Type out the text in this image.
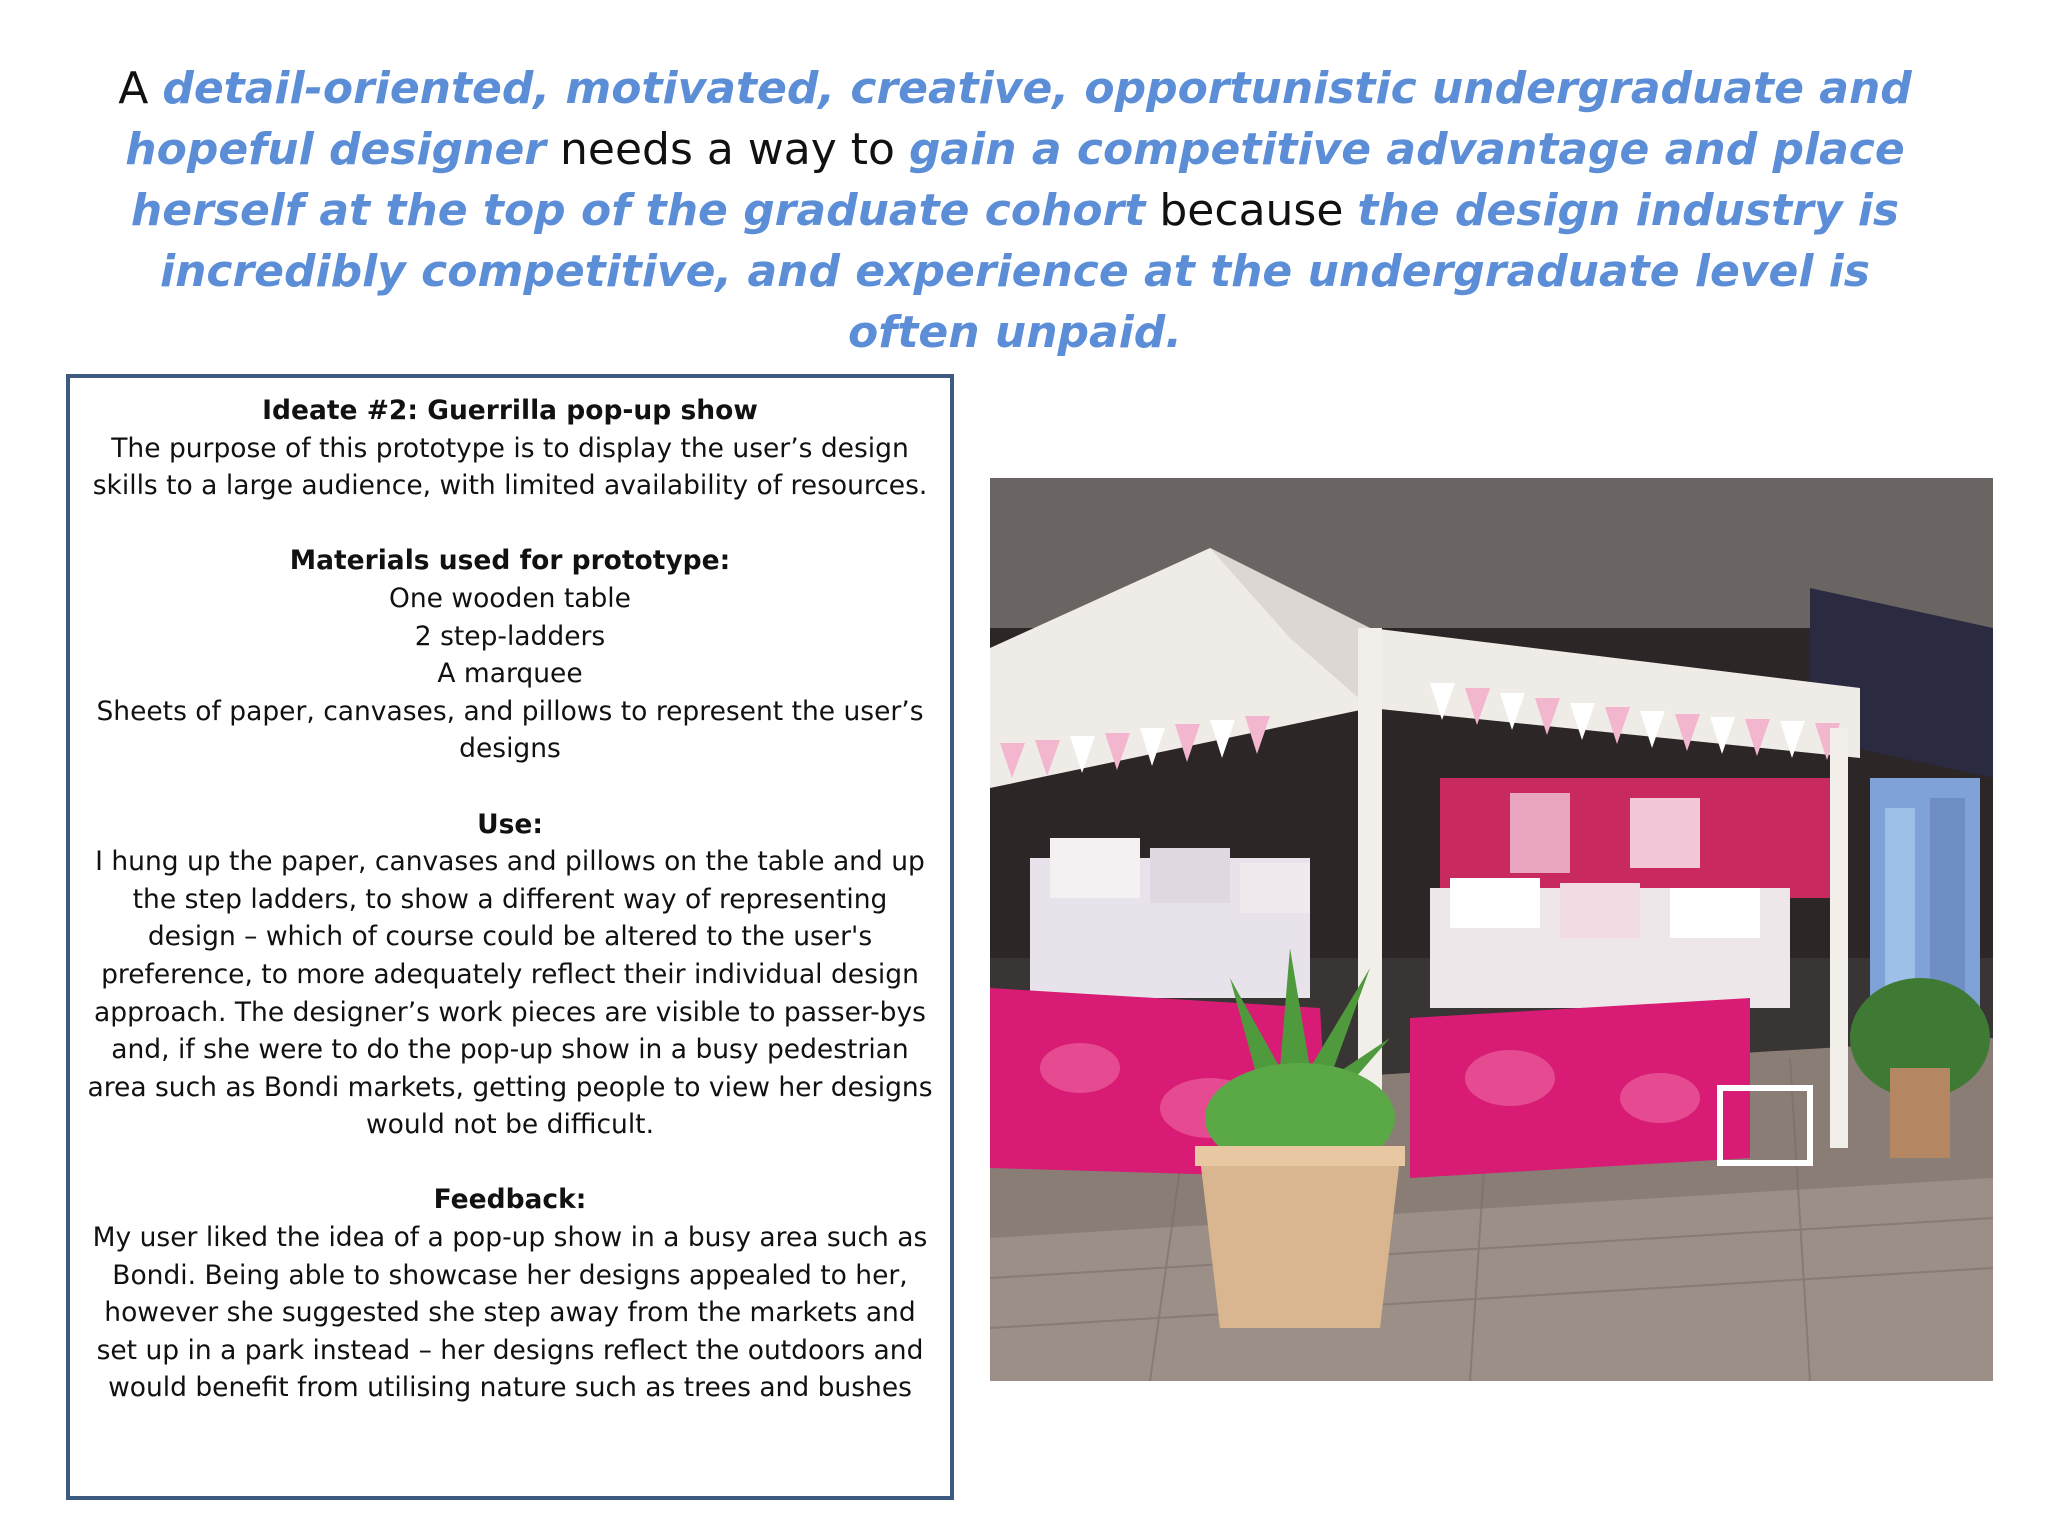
A detail-oriented, motivated, creative, opportunistic undergraduate and hopeful designer needs a way to gain a competitive advantage and place herself at the top of the graduate cohort because the design industry is incredibly competitive, and experience at the undergraduate level is often unpaid.
Ideate #2: Guerrilla pop-up show
The purpose of this prototype is to display the user’s design skills to a large audience, with limited availability of resources.
Materials used for prototype:
One wooden table
2 step-ladders
A marquee
Sheets of paper, canvases, and pillows to represent the user’s designs
Use:
I hung up the paper, canvases and pillows on the table and up the step ladders, to show a different way of representing design – which of course could be altered to the user's preference, to more adequately reflect their individual design approach. The designer’s work pieces are visible to passer-bys and, if she were to do the pop-up show in a busy pedestrian area such as Bondi markets, getting people to view her designs would not be difficult.
Feedback:
My user liked the idea of a pop-up show in a busy area such as Bondi. Being able to showcase her designs appealed to her, however she suggested she step away from the markets and set up in a park instead – her designs reflect the outdoors and would benefit from utilising nature such as trees and bushes
